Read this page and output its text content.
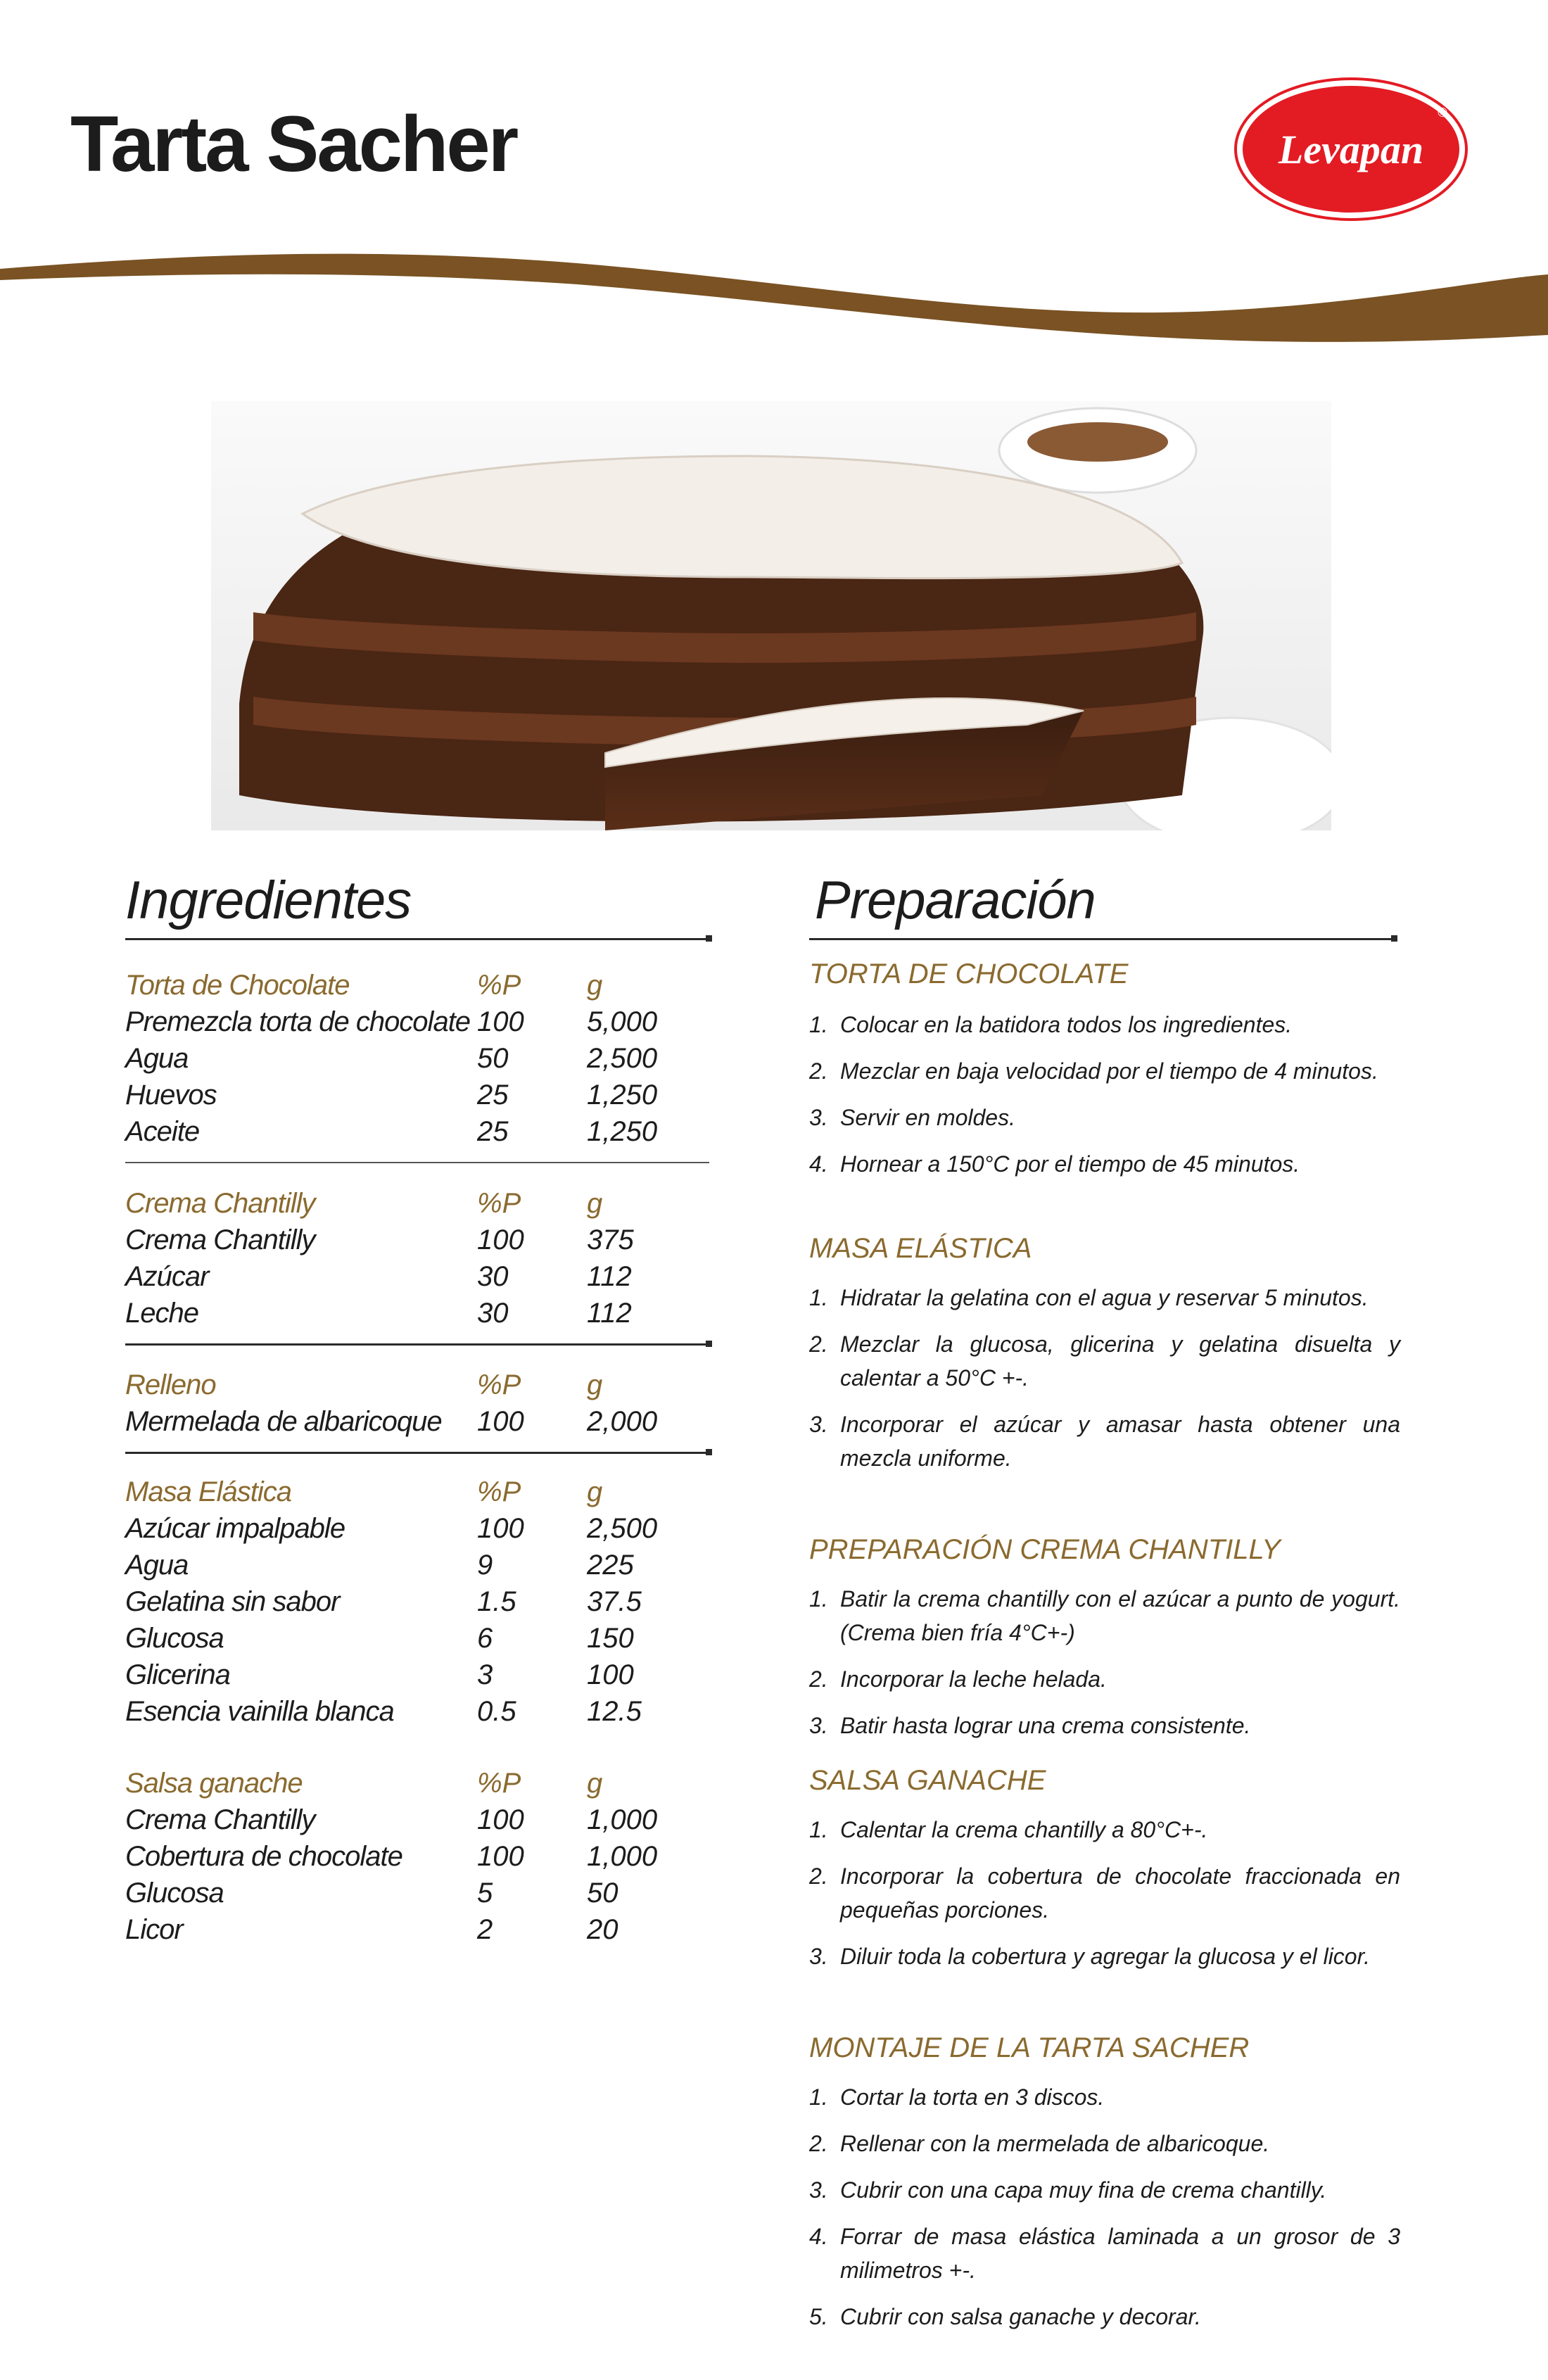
Tarta Sacher	Levapan
®
Ingredientes
Torta de Chocolate	%P g
Premezcla torta de chocolate 100 5,000
Agua	50	2,500
Huevos	25	1,250
Aceite	25	1,250
Crema Chantilly	%P g
Crema Chantilly	100 375
Azúcar	30	112
Leche	30	112
Relleno	%P g
Mermelada de albaricoque 100 2,000
Masa Elástica	%P g
Azúcar impalpable	100 2,500
Agua	9	225
Gelatina sin sabor	1.5	37.5
Glucosa	6	150
Glicerina	3	100
Esencia vainilla blanca	0.5	12.5
Salsa ganache	%P g
Crema Chantilly	100 1,000
Cobertura de chocolate	100 1,000
Glucosa	5	50
Licor	2	20
Preparación
TORTA DE CHOCOLATE
1. Colocar en la batidora todos los ingredientes.
2. Mezclar en baja velocidad por el tiempo de 4 minutos.
3. Servir en moldes.
4. Hornear a 150°C por el tiempo de 45 minutos.
MASA ELÁSTICA
1. Hidratar la gelatina con el agua y reservar 5 minutos.
2. Mezclar la glucosa, glicerina y gelatina disuelta y calentar a 50°C +-.
3. Incorporar el azúcar y amasar hasta obtener una mezcla uniforme.
PREPARACIÓN CREMA CHANTILLY
1. Batir la crema chantilly con el azúcar a punto de yogurt. (Crema bien fría 4°C+-)
2. Incorporar la leche helada.
3. Batir hasta lograr una crema consistente.
SALSA GANACHE
1. Calentar la crema chantilly a 80°C+-.
2. Incorporar la cobertura de chocolate fraccionada en pequeñas porciones.
3. Diluir toda la cobertura y agregar la glucosa y el licor.
MONTAJE DE LA TARTA SACHER
1. Cortar la torta en 3 discos.
2. Rellenar con la mermelada de albaricoque.
3. Cubrir con una capa muy fina de crema chantilly.
4. Forrar de masa elástica laminada a un grosor de 3 milimetros +-.
5. Cubrir con salsa ganache y decorar.
